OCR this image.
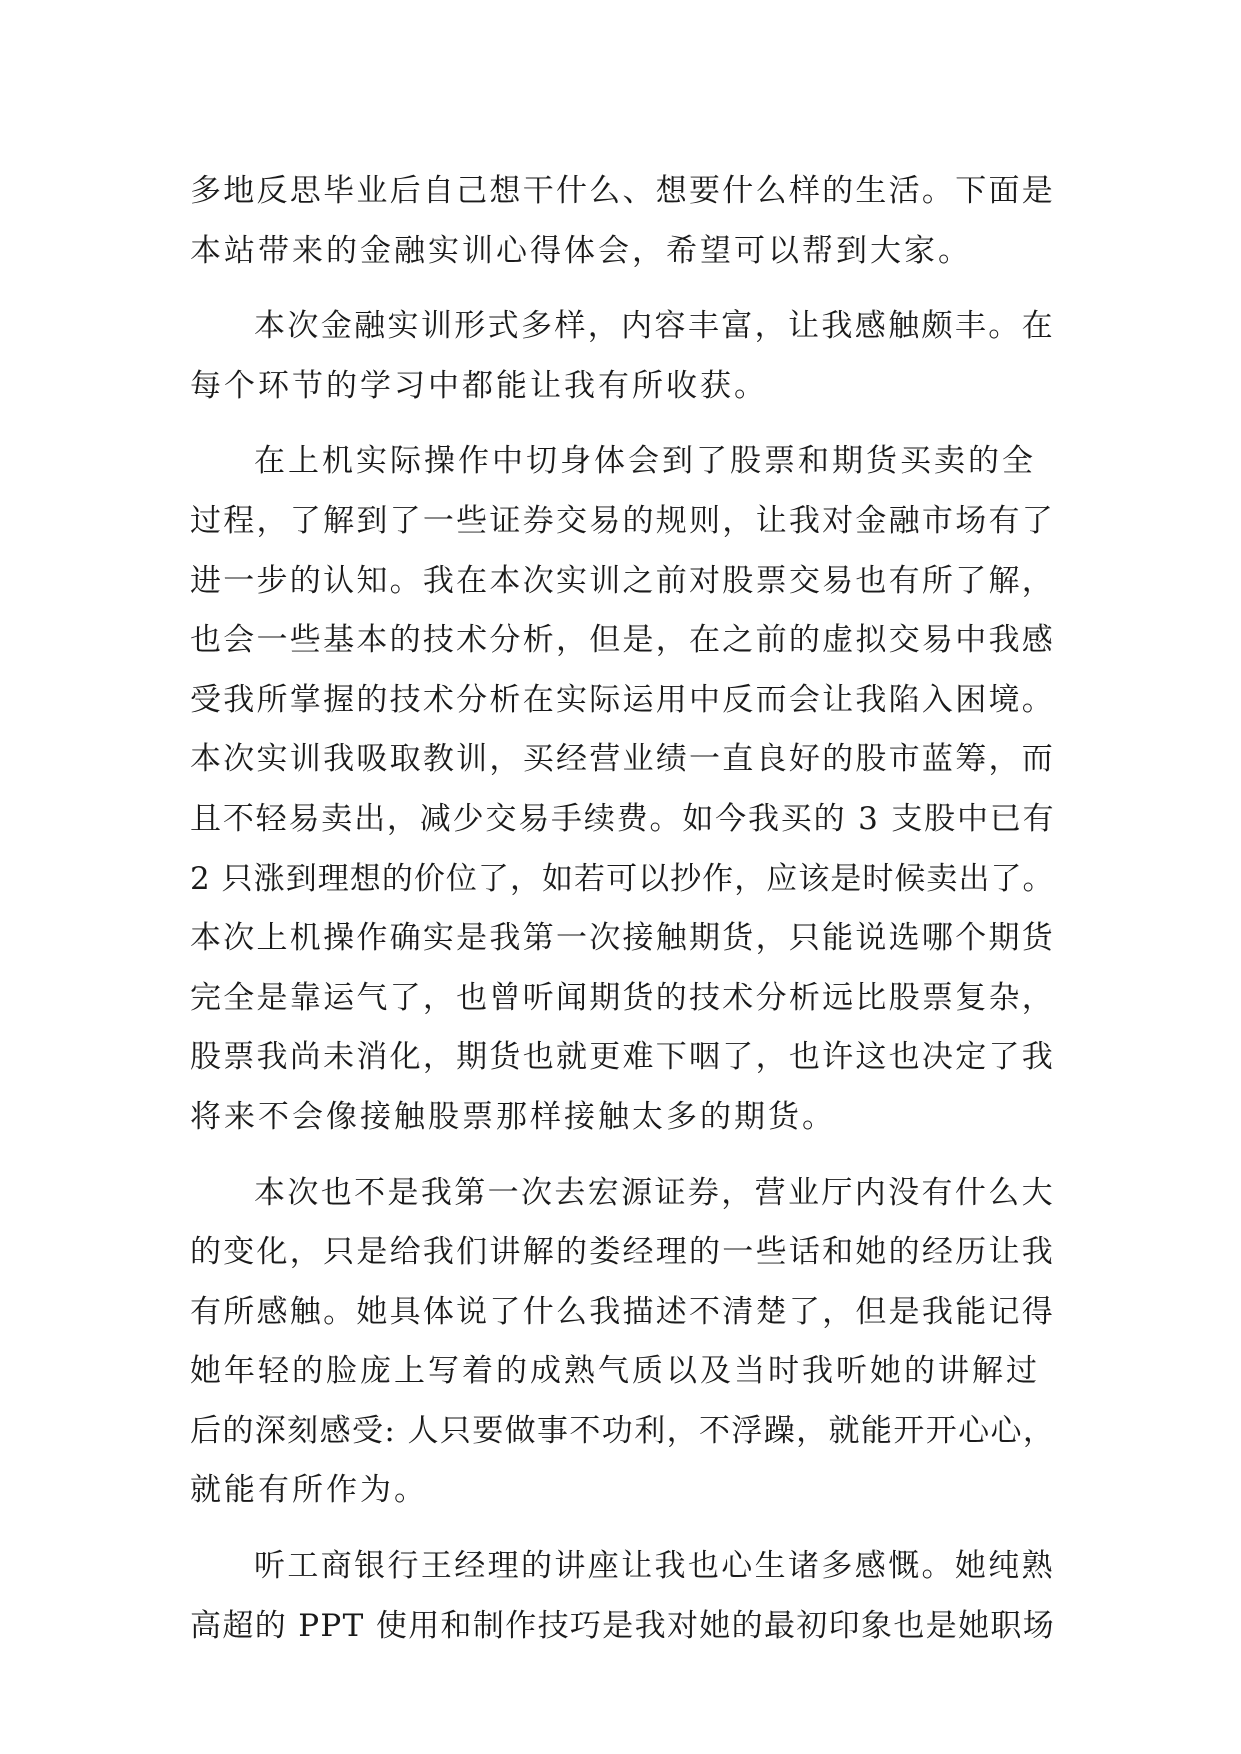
多地反思毕业后自己想干什么、想要什么样的生活。下面是
本站带来的金融实训心得体会，希望可以帮到大家。
本次金融实训形式多样，内容丰富，让我感触颇丰。在
每个环节的学习中都能让我有所收获。
在上机实际操作中切身体会到了股票和期货买卖的全
过程，了解到了一些证券交易的规则，让我对金融市场有了
进一步的认知。我在本次实训之前对股票交易也有所了解，
也会一些基本的技术分析，但是，在之前的虚拟交易中我感
受我所掌握的技术分析在实际运用中反而会让我陷入困境。
本次实训我吸取教训，买经营业绩一直良好的股市蓝筹，而
且不轻易卖出，减少交易手续费。如今我买的 3 支股中已有
2 只涨到理想的价位了，如若可以抄作，应该是时候卖出了。
本次上机操作确实是我第一次接触期货，只能说选哪个期货
完全是靠运气了，也曾听闻期货的技术分析远比股票复杂，
股票我尚未消化，期货也就更难下咽了，也许这也决定了我
将来不会像接触股票那样接触太多的期货。
本次也不是我第一次去宏源证券，营业厅内没有什么大
的变化，只是给我们讲解的娄经理的一些话和她的经历让我
有所感触。她具体说了什么我描述不清楚了，但是我能记得
她年轻的脸庞上写着的成熟气质以及当时我听她的讲解过
后的深刻感受: 人只要做事不功利，不浮躁，就能开开心心，
就能有所作为。
听工商银行王经理的讲座让我也心生诸多感慨。她纯熟
高超的 PPT 使用和制作技巧是我对她的最初印象也是她职场
